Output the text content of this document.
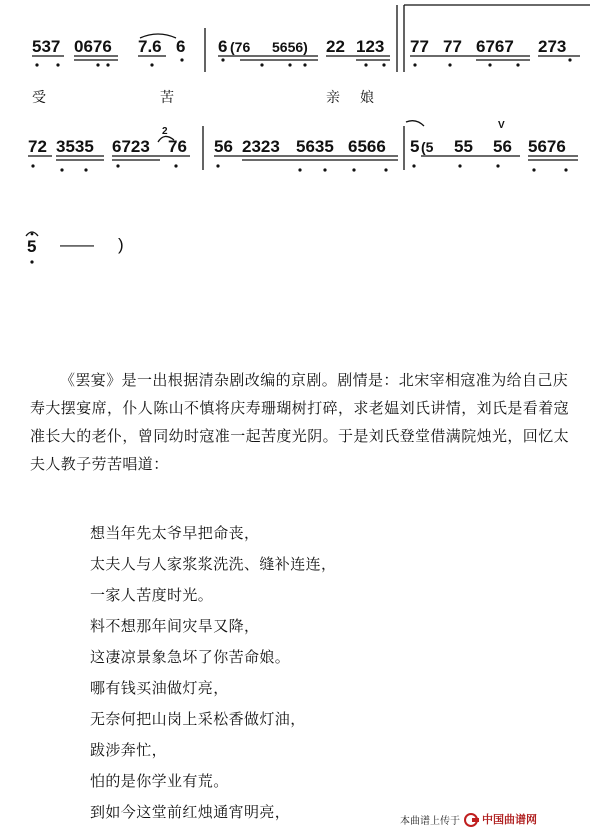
537 0676 7.6 6 6 (76 5656) 22 123 77 77 6767 273
受	苦	亲 娘
72 3535 6723
2
76 56 2323 5635 6566 5 (5 55 56
V
5676
5 —— )

《罢宴》是一出根据清杂剧改编的京剧。剧情是：北宋宰相寇准为给自己庆寿大摆宴席，仆人陈山不慎将庆寿珊瑚树打碎，求老媪刘氏讲情，刘氏是看着寇准长大的老仆，曾同幼时寇准一起苦度光阴。于是刘氏登堂借满院烛光，回忆太夫人教子劳苦唱道：

想当年先太爷早把命丧，
太夫人与人家浆浆洗洗、缝补连连，
一家人苦度时光。
料不想那年间灾旱又降，
这凄凉景象急坏了你苦命娘。
哪有钱买油做灯亮，
无奈何把山岗上采松香做灯油，
跋涉奔忙，
怕的是你学业有荒。
到如今这堂前红烛通宵明亮，	本曲谱上传于 中国曲谱网
